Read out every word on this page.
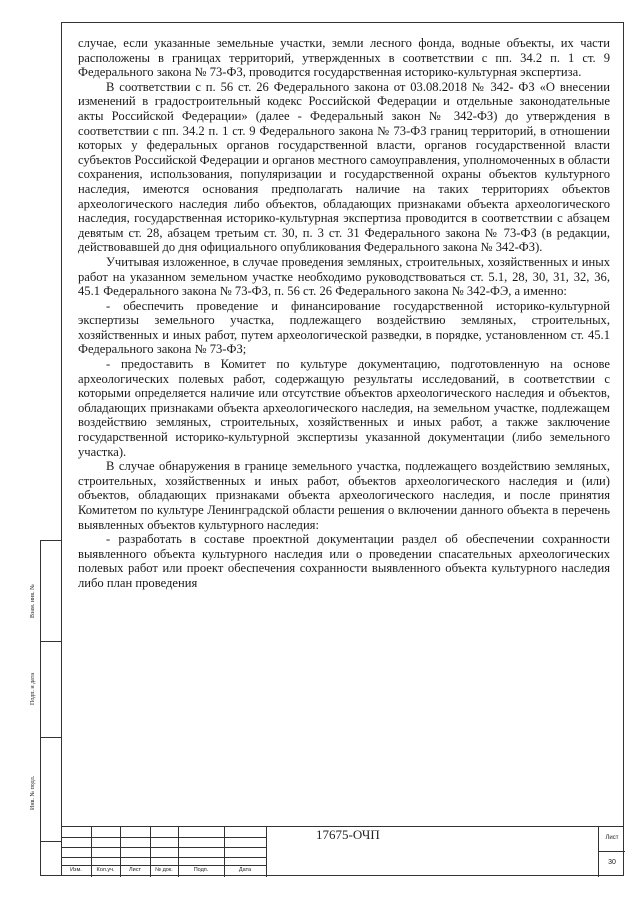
случае, если указанные земельные участки, земли лесного фонда, водные объекты, их части расположены в границах территорий, утвержденных в соответствии с пп. 34.2 п. 1 ст. 9 Федерального закона № 73-ФЗ, проводится государственная историко-культурная экспертиза.

В соответствии с п. 56 ст. 26 Федерального закона от 03.08.2018 № 342- ФЗ «О внесении изменений в градостроительный кодекс Российской Федерации и отдельные законодательные акты Российской Федерации» (далее - Федеральный закон № 342-ФЗ) до утверждения в соответствии с пп. 34.2 п. 1 ст. 9 Федерального закона № 73-ФЗ границ территорий, в отношении которых у федеральных органов государственной власти, органов государственной власти субъектов Российской Федерации и органов местного самоуправления, уполномоченных в области сохранения, использования, популяризации и государственной охраны объектов культурного наследия, имеются основания предполагать наличие на таких территориях объектов археологического наследия либо объектов, обладающих признаками объекта археологического наследия, государственная историко-культурная экспертиза проводится в соответствии с абзацем девятым ст. 28, абзацем третьим ст. 30, п. 3 ст. 31 Федерального закона № 73-ФЗ (в редакции, действовавшей до дня официального опубликования Федерального закона № 342-ФЗ).

Учитывая изложенное, в случае проведения земляных, строительных, хозяйственных и иных работ на указанном земельном участке необходимо руководствоваться ст. 5.1, 28, 30, 31, 32, 36, 45.1 Федерального закона № 73-ФЗ, п. 56 ст. 26 Федерального закона № 342-ФЭ, а именно:

- обеспечить проведение и финансирование государственной историко-культурной экспертизы земельного участка, подлежащего воздействию земляных, строительных, хозяйственных и иных работ, путем археологической разведки, в порядке, установленном ст. 45.1 Федерального закона № 73-ФЗ;

- предоставить в Комитет по культуре документацию, подготовленную на основе археологических полевых работ, содержащую результаты исследований, в соответствии с которыми определяется наличие или отсутствие объектов археологического наследия и объектов, обладающих признаками объекта археологического наследия, на земельном участке, подлежащем воздействию земляных, строительных, хозяйственных и иных работ, а также заключение государственной историко-культурной экспертизы указанной документации (либо земельного участка).

В случае обнаружения в границе земельного участка, подлежащего воздействию земляных, строительных, хозяйственных и иных работ, объектов археологического наследия и (или) объектов, обладающих признаками объекта археологического наследия, и после принятия Комитетом по культуре Ленинградской области решения о включении данного объекта в перечень выявленных объектов культурного наследия:

- разработать в составе проектной документации раздел об обеспечении сохранности выявленного объекта культурного наследия или о проведении спасательных археологических полевых работ или проект обеспечения сохранности выявленного объекта культурного наследия либо план проведения

Взам. инв. №
Подп. и дата
Инв. № подл.
Изм.	Кол.уч.	Лист	№ док.	Подп.	Дата
17675-ОЧП	Лист
30
